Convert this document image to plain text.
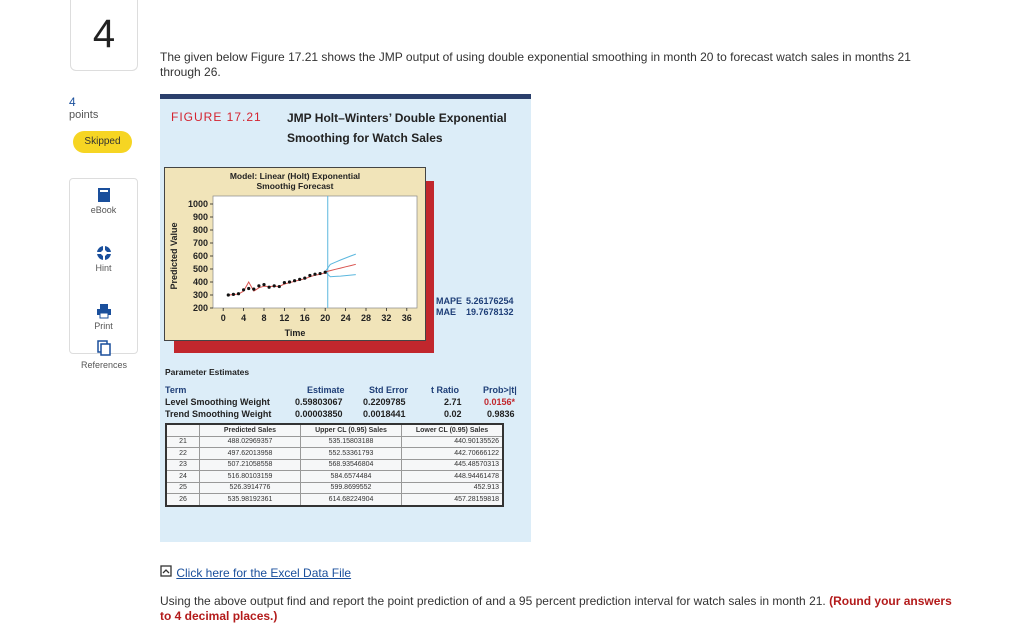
4
4
points
Skipped
eBook
Hint
Print
References
The given below Figure 17.21 shows the JMP output of using double exponential smoothing in month 20 to forecast watch sales in months 21 through 26.
FIGURE 17.21 JMP Holt–Winters’ Double Exponential Smoothing for Watch Sales
Model: Linear (Holt) Exponential
Smoothig Forecast
200
300
400
500
600
700
800
900
1000
0 4 8 12 16 20 24 28 32 36
Time
Predicted Value
MAPE 5.26176254
MAE 19.7678132
Parameter Estimates
Term	Estimate	Std Error	t Ratio	Prob>|t|
Level Smoothing Weight	0.59803067 0.2209785	2.71 0.0156*
Trend Smoothing Weight	0.00003850 0.0018441	0.02	0.9836
	Predicted Sales	Upper CL (0.95) Sales	Lower CL (0.95) Sales
21	488.02969357	535.15803188	440.90135526
22	497.62013958	552.53361793	442.70666122
23	507.21058558	568.93546804	445.48570313
24	516.80103159	584.6574484	448.94461478
25	526.3914776	599.8699552	452.913
26	535.98192361	614.68224904	457.28159818
Click here for the Excel Data File
Using the above output find and report the point prediction of and a 95 percent prediction interval for watch sales in month 21. (Round your answers to 4 decimal places.)
